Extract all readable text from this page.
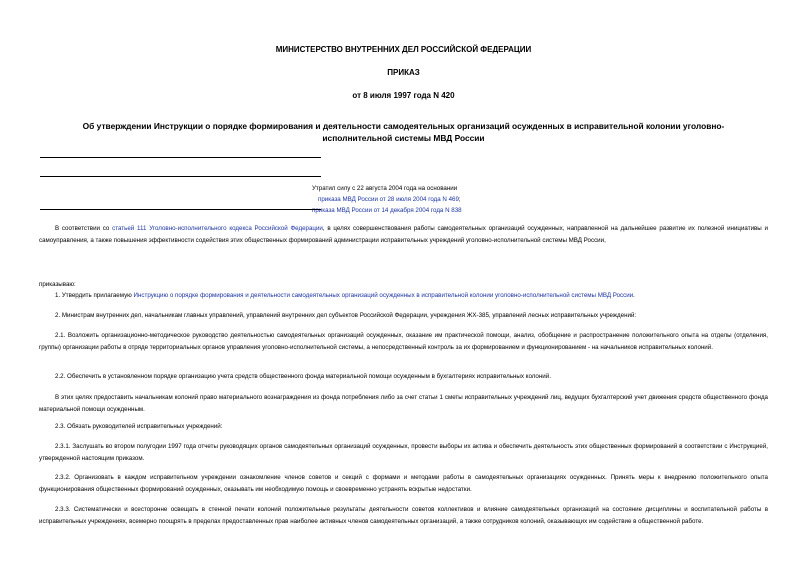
МИНИСТЕРСТВО ВНУТРЕННИХ ДЕЛ РОССИЙСКОЙ ФЕДЕРАЦИИ
ПРИКАЗ
от 8 июля 1997 года N 420
Об утверждении Инструкции о порядке формирования и деятельности самодеятельных организаций осужденных в исправительной колонии уголовно-
исполнительной системы МВД России
Утратил силу с 22 августа 2004 года на основании
приказа МВД России от 28 июля 2004 года N 469;
приказа МВД России от 14 декабря 2004 года N 838
В соответствии со статьей 111 Уголовно-исполнительного кодекса Российской Федерации, в целях совершенствования работы самодеятельных организаций осужденных, направленной на дальнейшее развитие их полезной инициативы и самоуправления, а также повышения эффективности содействия этих общественных формирований администрации исправительных учреждений уголовно-исполнительной системы МВД России,
приказываю:
1. Утвердить прилагаемую Инструкцию о порядке формирования и деятельности самодеятельных организаций осужденных в исправительной колонии уголовно-исполнительной системы МВД России.
2. Министрам внутренних дел, начальникам главных управлений, управлений внутренних дел субъектов Российской Федерации, учреждения ЖХ-385, управлений лесных исправительных учреждений:
2.1. Возложить организационно-методическое руководство деятельностью самодеятельных организаций осужденных, оказание им практической помощи, анализ, обобщение и распространение положительного опыта на отделы (отделения, группы) организации работы в отряде территориальных органов управления уголовно-исполнительной системы, а непосредственный контроль за их формированием и функционированием - на начальников исправительных колоний.
2.2. Обеспечить в установленном порядке организацию учета средств общественного фонда материальной помощи осужденным в бухгалтериях исправительных колоний.
В этих целях предоставить начальникам колоний право материального вознаграждения из фонда потребления либо за счет статьи 1 сметы исправительных учреждений лиц, ведущих бухгалтерский учет движения средств общественного фонда материальной помощи осужденным.
2.3. Обязать руководителей исправительных учреждений:
2.3.1. Заслушать во втором полугодии 1997 года отчеты руководящих органов самодеятельных организаций осужденных, провести выборы их актива и обеспечить деятельность этих общественных формирований в соответствии с Инструкцией, утвержденной настоящим приказом.
2.3.2. Организовать в каждом исправительном учреждении ознакомление членов советов и секций с формами и методами работы в самодеятельных организациях осужденных. Принять меры к внедрению положительного опыта функционирования общественных формирований осужденных, оказывать им необходимую помощь и своевременно устранять вскрытые недостатки.
2.3.3. Систематически и всесторонне освещать в стенной печати колоний положительные результаты деятельности советов коллективов и влияние самодеятельных организаций на состояние дисциплины и воспитательной работы в исправительных учреждениях, всемерно поощрять в пределах предоставленных прав наиболее активных членов самодеятельных организаций, а также сотрудников колоний, оказывающих им содействие в общественной работе.
